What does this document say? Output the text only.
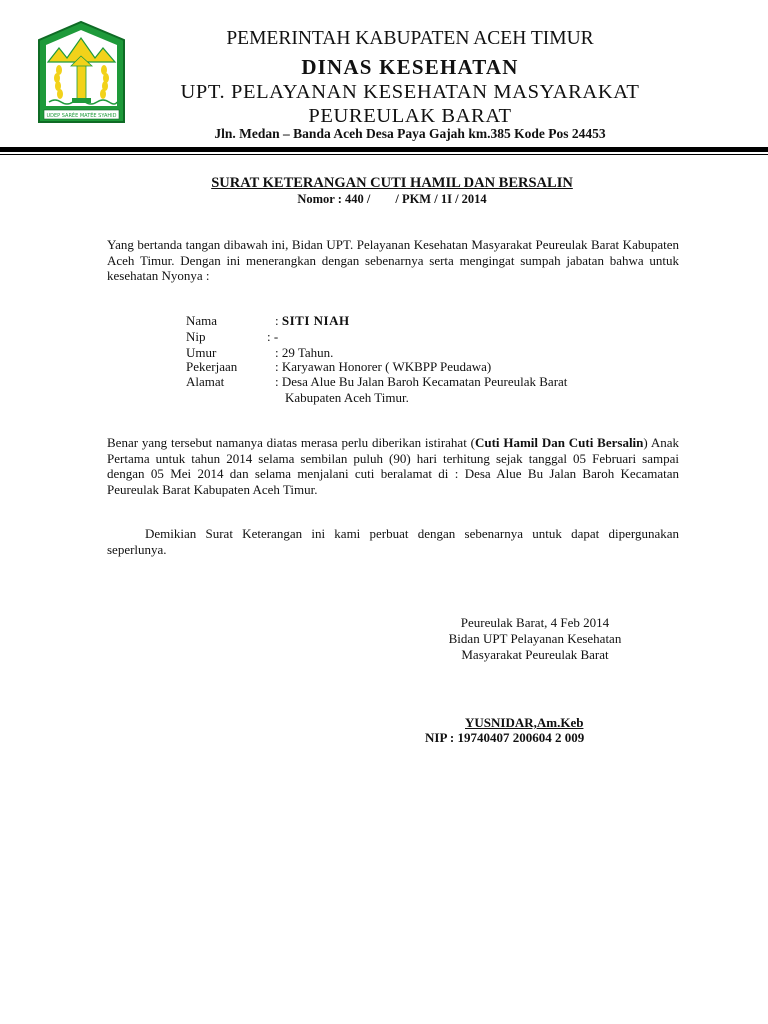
UDEP SARÉE MATÉE SYAHID
PEMERINTAH KABUPATEN ACEH TIMUR
DINAS KESEHATAN
UPT. PELAYANAN KESEHATAN MASYARAKAT
PEUREULAK BARAT
Jln. Medan – Banda Aceh Desa Paya Gajah km.385 Kode Pos 24453
SURAT KETERANGAN CUTI HAMIL DAN BERSALIN
Nomor : 440 /        / PKM / 1I / 2014
Yang bertanda tangan dibawah ini, Bidan UPT. Pelayanan Kesehatan Masyarakat Peureulak Barat Kabupaten Aceh Timur. Dengan ini menerangkan dengan sebenarnya serta mengingat sumpah jabatan bahwa untuk kesehatan Nyonya :
Nama	: SITI NIAH
Nip	: -
Umur	: 29 Tahun.
Pekerjaan	: Karyawan Honorer ( WKBPP Peudawa)
Alamat	: Desa Alue Bu Jalan Baroh Kecamatan Peureulak Barat
Kabupaten Aceh Timur.
Benar yang tersebut namanya diatas merasa perlu diberikan istirahat (Cuti Hamil Dan Cuti Bersalin) Anak Pertama untuk tahun 2014 selama sembilan puluh (90) hari terhitung sejak tanggal 05 Februari sampai dengan 05 Mei 2014 dan selama menjalani cuti beralamat di : Desa Alue Bu Jalan Baroh Kecamatan Peureulak Barat Kabupaten Aceh Timur.
Demikian Surat Keterangan ini kami perbuat dengan sebenarnya untuk dapat dipergunakan seperlunya.
Peureulak Barat, 4 Feb 2014
Bidan UPT Pelayanan Kesehatan
Masyarakat Peureulak Barat
YUSNIDAR,Am.Keb
NIP : 19740407 200604 2 009
